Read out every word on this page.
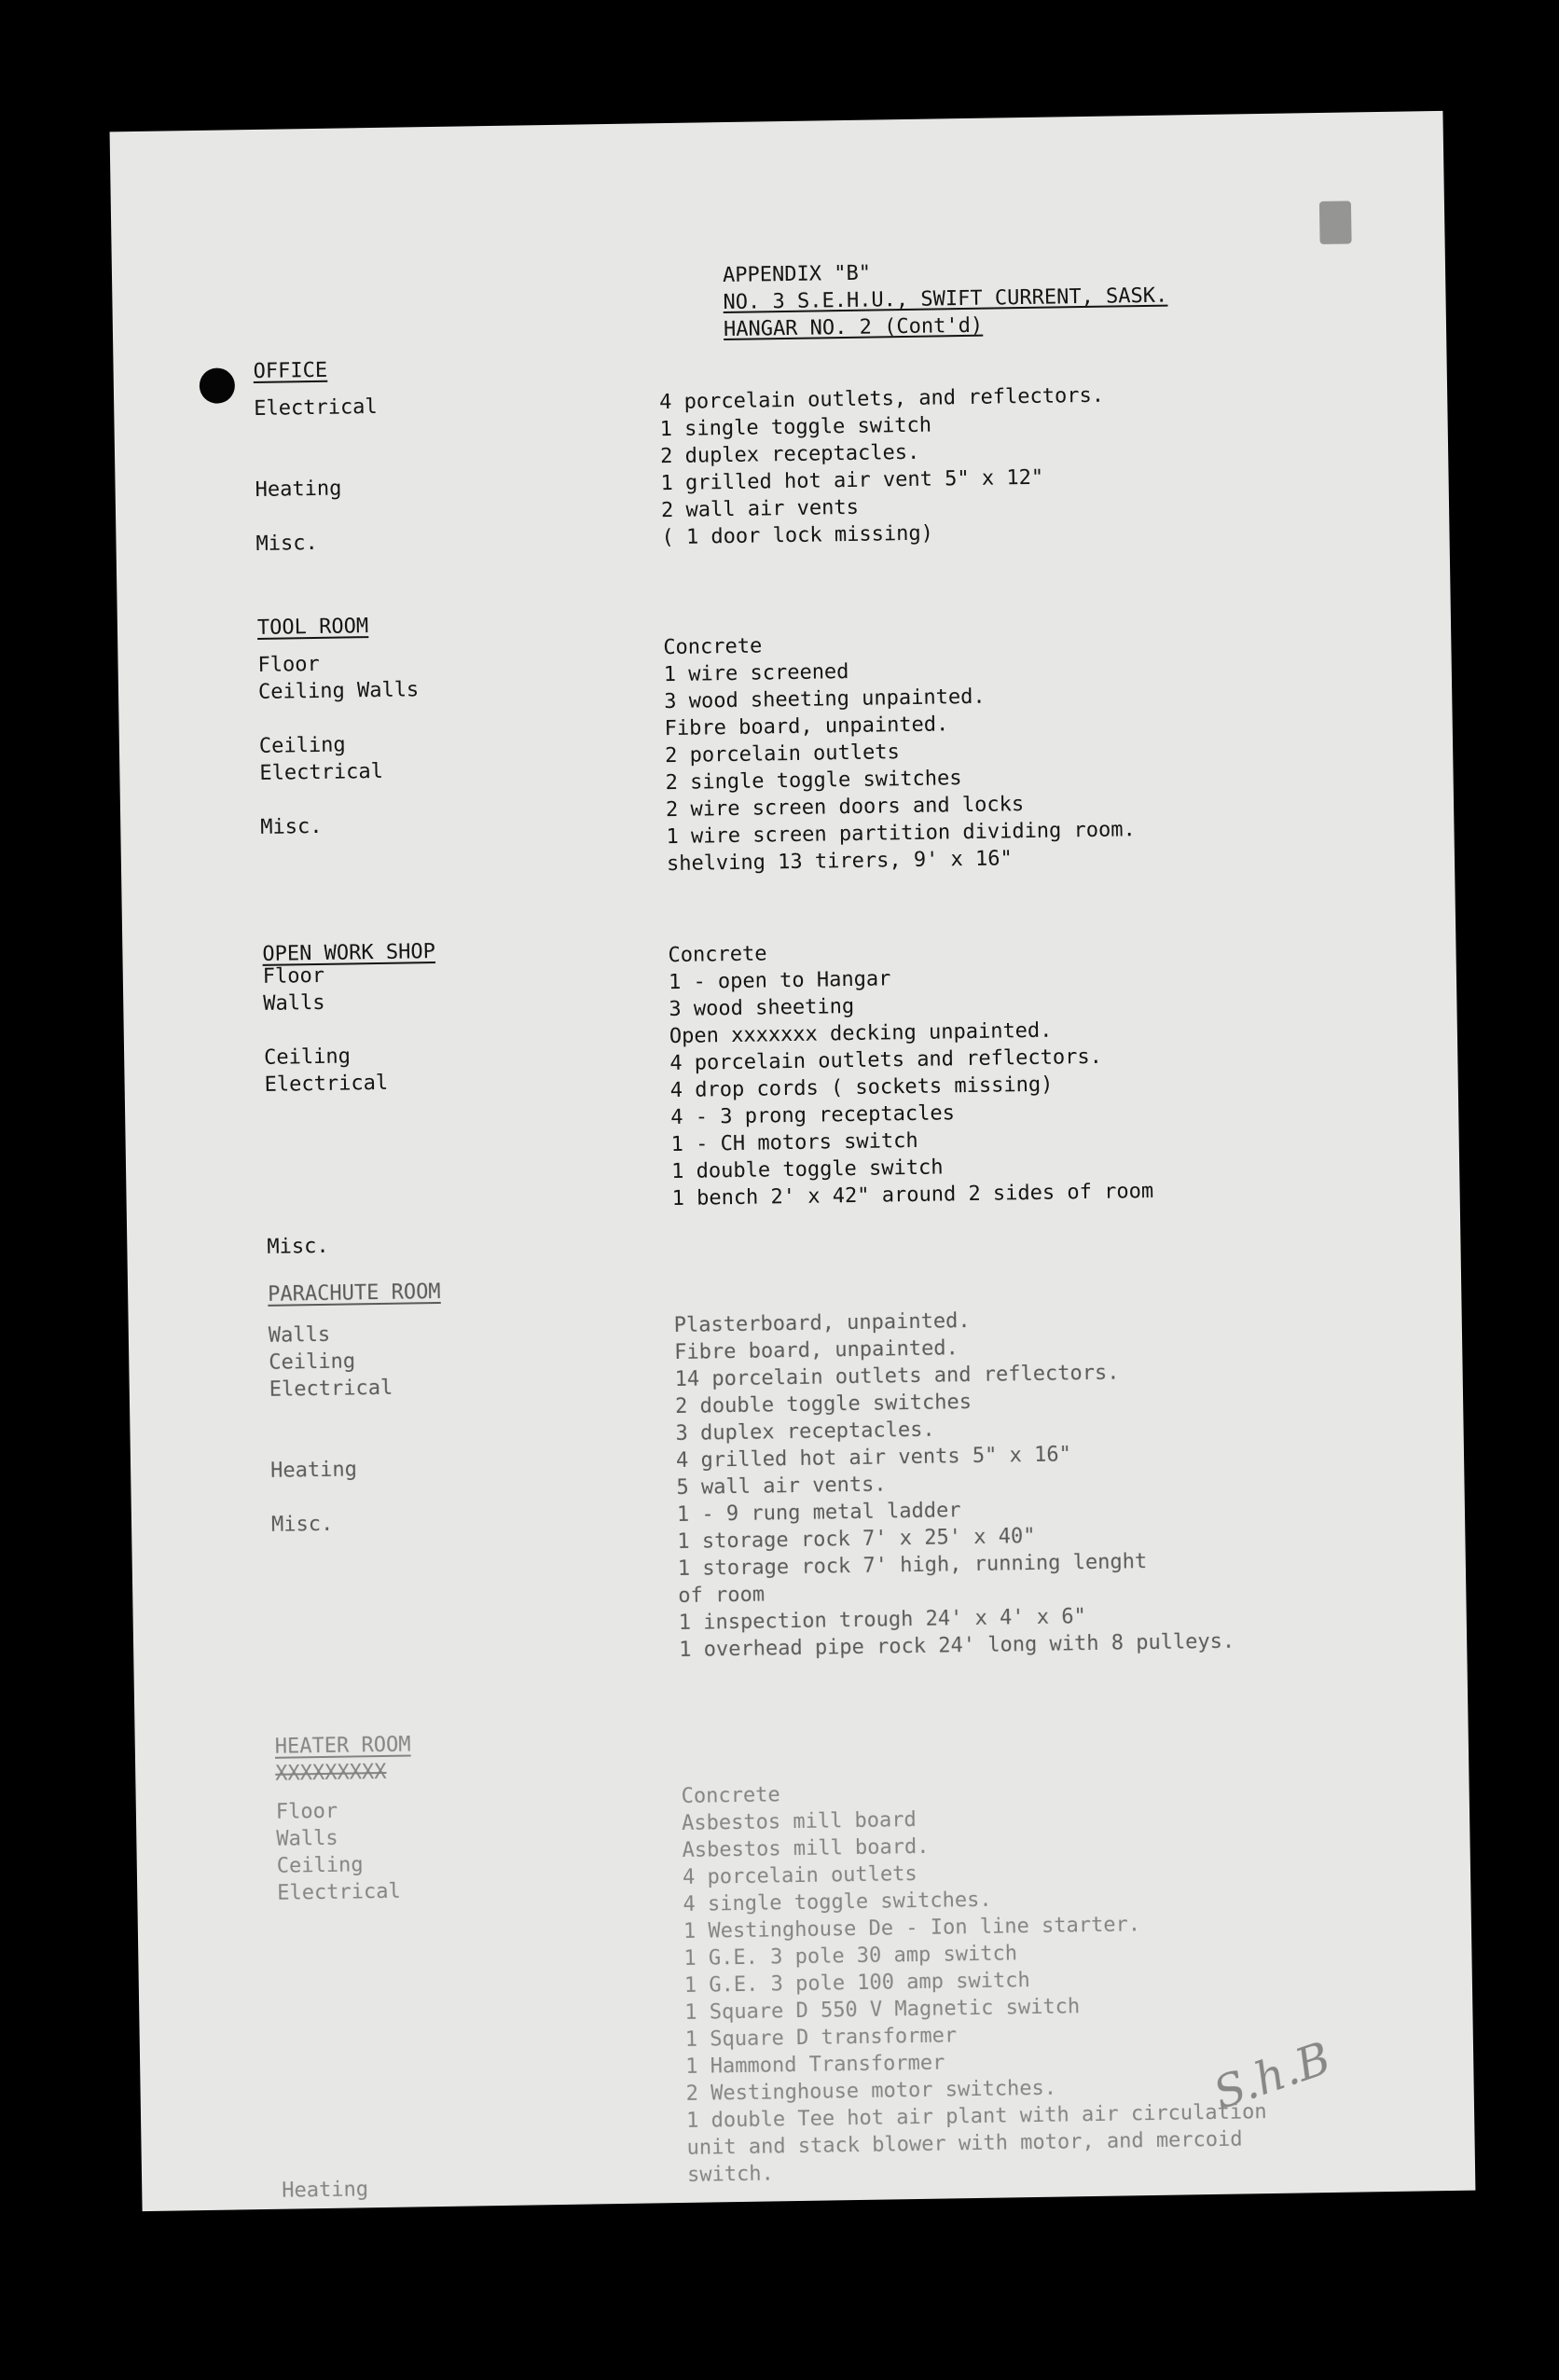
APPENDIX "B"
NO. 3 S.E.H.U., SWIFT CURRENT, SASK.
HANGAR NO. 2 (Cont'd)
OFFICE
Electrical
Heating
Misc.
4 porcelain outlets, and reflectors.
1 single toggle switch
2 duplex receptacles.
1 grilled hot air vent 5" x 12"
2 wall air vents
( 1 door lock missing)
TOOL ROOM
Floor
Ceiling Walls
Ceiling
Electrical
Misc.
Concrete
1 wire screened
3 wood sheeting unpainted.
Fibre board, unpainted.
2 porcelain outlets
2 single toggle switches
2 wire screen doors and locks
1 wire screen partition dividing room.
shelving 13 tirers, 9' x 16"
OPEN WORK SHOP
Floor
Walls
Ceiling
Electrical
Misc.
Concrete
1 - open to Hangar
3 wood sheeting
Open xxxxxxx decking unpainted.
4 porcelain outlets and reflectors.
4 drop cords ( sockets missing)
4 - 3 prong receptacles
1 - CH motors switch
1 double toggle switch
1 bench 2' x 42" around 2 sides of room
PARACHUTE ROOM
Walls
Ceiling
Electrical
Heating
Misc.
Plasterboard, unpainted.
Fibre board, unpainted.
14 porcelain outlets and reflectors.
2 double toggle switches
3 duplex receptacles.
4 grilled hot air vents 5" x 16"
5 wall air vents.
1 - 9 rung metal ladder
1 storage rock 7' x 25' x 40"
1 storage rock 7' high, running lenght
of room
1 inspection trough 24' x 4' x 6"
1 overhead pipe rock 24' long with 8 pulleys.
HEATER ROOM
XXXXXXXXX
Floor
Walls
Ceiling
Electrical
Heating
Concrete
Asbestos mill board
Asbestos mill board.
4 porcelain outlets
4 single toggle switches.
1 Westinghouse De - Ion line starter.
1 G.E. 3 pole 30 amp switch
1 G.E. 3 pole 100 amp switch
1 Square D 550 V Magnetic switch
1 Square D transformer
1 Hammond Transformer
2 Westinghouse motor switches.
1 double Tee hot air plant with air circulation
unit and stack blower with motor, and mercoid
switch.
S.h.B
